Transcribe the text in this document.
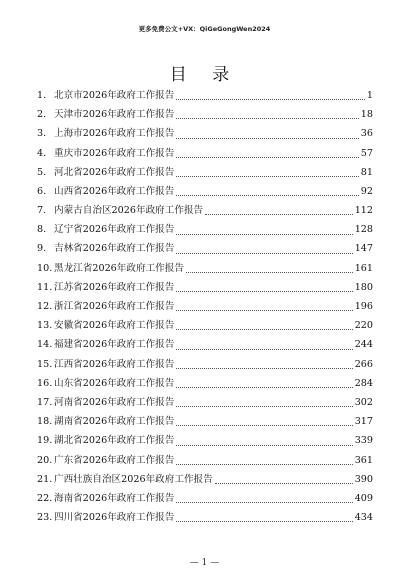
更多免费公文+VX：QiGeGongWen2024
目 录
1. 北京市2026年政府工作报告	1
2. 天津市2026年政府工作报告	18
3. 上海市2026年政府工作报告	36
4. 重庆市2026年政府工作报告	57
5. 河北省2026年政府工作报告	81
6. 山西省2026年政府工作报告	92
7. 内蒙古自治区2026年政府工作报告	112
8. 辽宁省2026年政府工作报告	128
9. 吉林省2026年政府工作报告	147
10. 黑龙江省2026年政府工作报告	161
11. 江苏省2026年政府工作报告	180
12. 浙江省2026年政府工作报告	196
13. 安徽省2026年政府工作报告	220
14. 福建省2026年政府工作报告	244
15. 江西省2026年政府工作报告	266
16. 山东省2026年政府工作报告	284
17. 河南省2026年政府工作报告	302
18. 湖南省2026年政府工作报告	317
19. 湖北省2026年政府工作报告	339
20. 广东省2026年政府工作报告	361
21. 广西壮族自治区2026年政府工作报告	390
22. 海南省2026年政府工作报告	409
23. 四川省2026年政府工作报告	434
— 1 —
